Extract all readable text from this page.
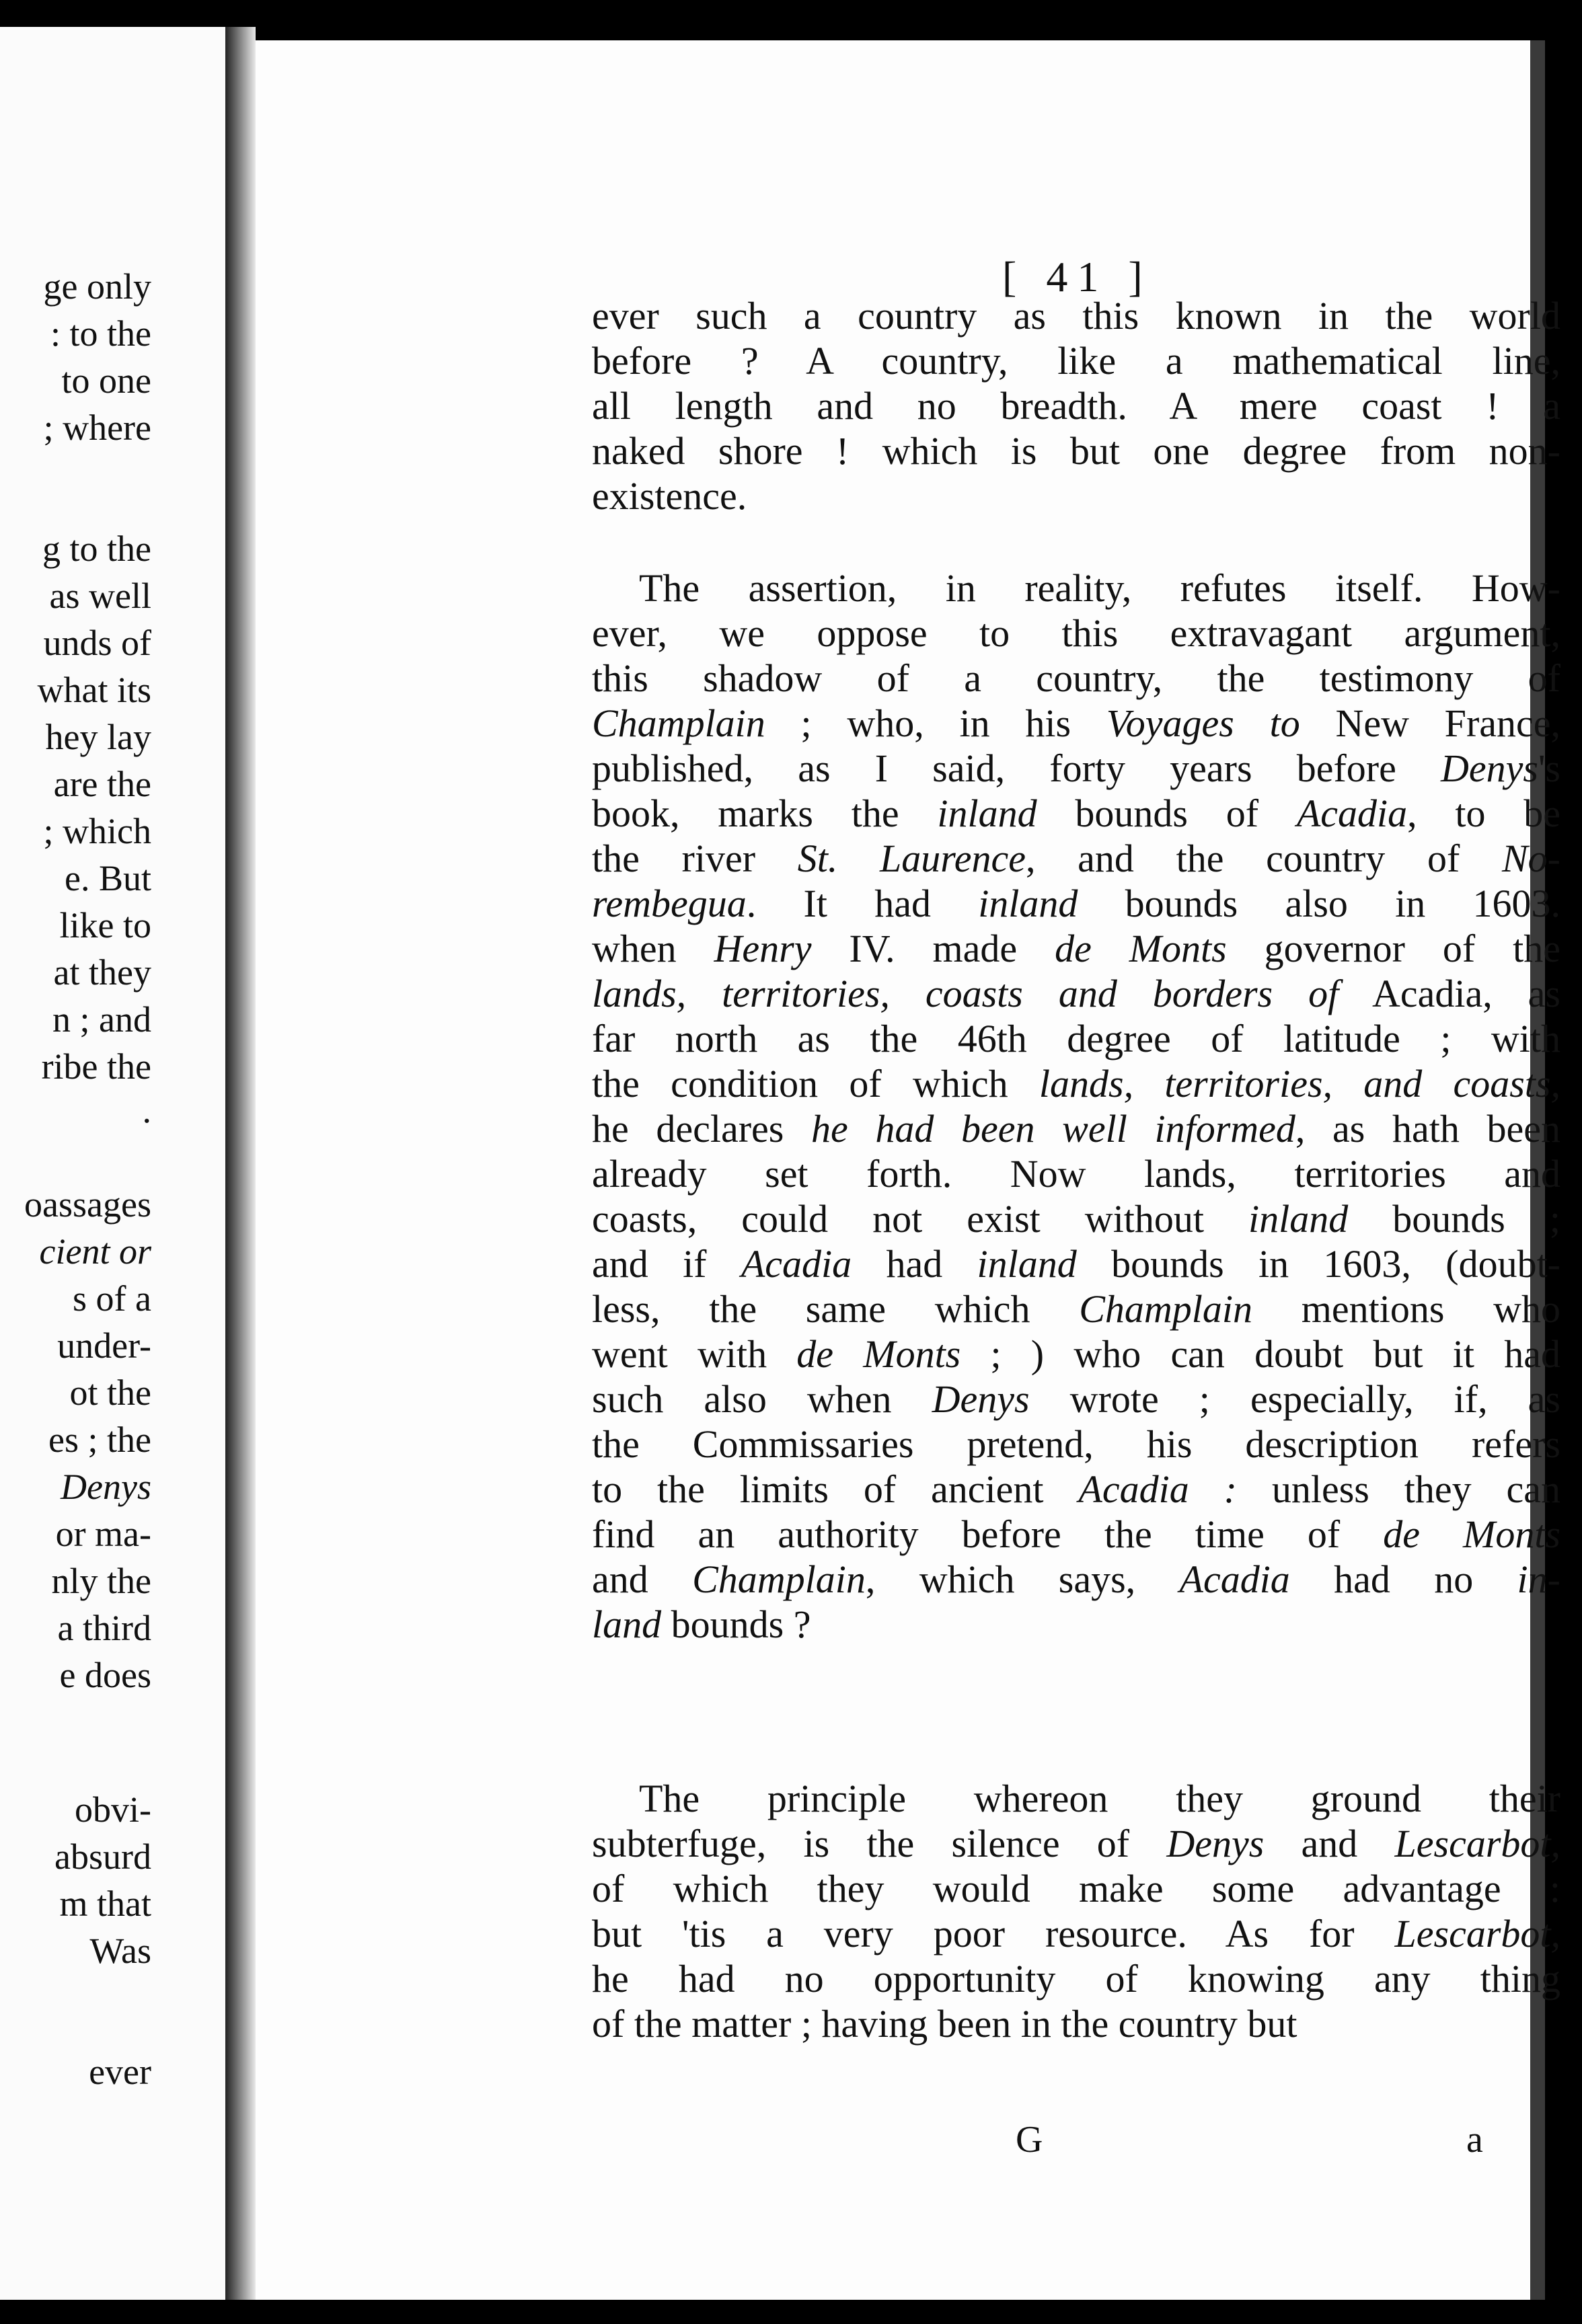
ge only
: to the
to one
; where
g to the
as well
unds of
what its
hey lay
are the
; which
e. But
like to
at they
n ; and
ribe the
.
oassages
cient or
s of a
under-
ot the
es ; the
Denys
or ma-
nly the
a third
e does
obvi-
absurd
m that
Was
ever
[ 41 ]
ever such a country as this known in the world
before ? A country, like a mathematical line,
all length and no breadth. A mere coast ! a
naked shore ! which is but one degree from non-
existence.
The assertion, in reality, refutes itself. How-
ever, we oppose to this extravagant argument,
this shadow of a country, the testimony of
Champlain ; who, in his Voyages to New France,
published, as I said, forty years before Denys's
book, marks the inland bounds of Acadia, to be
the river St. Laurence, and the country of No-
rembegua. It had inland bounds also in 1603.
when Henry IV. made de Monts governor of the
lands, territories, coasts and borders of Acadia, as
far north as the 46th degree of latitude ; with
the condition of which lands, territories, and coasts,
he declares he had been well informed, as hath been
already set forth. Now lands, territories and
coasts, could not exist without inland bounds ;
and if Acadia had inland bounds in 1603, (doubt-
less, the same which Champlain mentions who
went with de Monts ; ) who can doubt but it had
such also when Denys wrote ; especially, if, as
the Commissaries pretend, his description refers
to the limits of ancient Acadia : unless they can
find an authority before the time of de Monts
and Champlain, which says, Acadia had no in-
land bounds ?
The principle whereon they ground their
subterfuge, is the silence of Denys and Lescarbot,
of which they would make some advantage :
but 'tis a very poor resource. As for Lescarbot,
he had no opportunity of knowing any thing
of the matter ; having been in the country but
G	a
